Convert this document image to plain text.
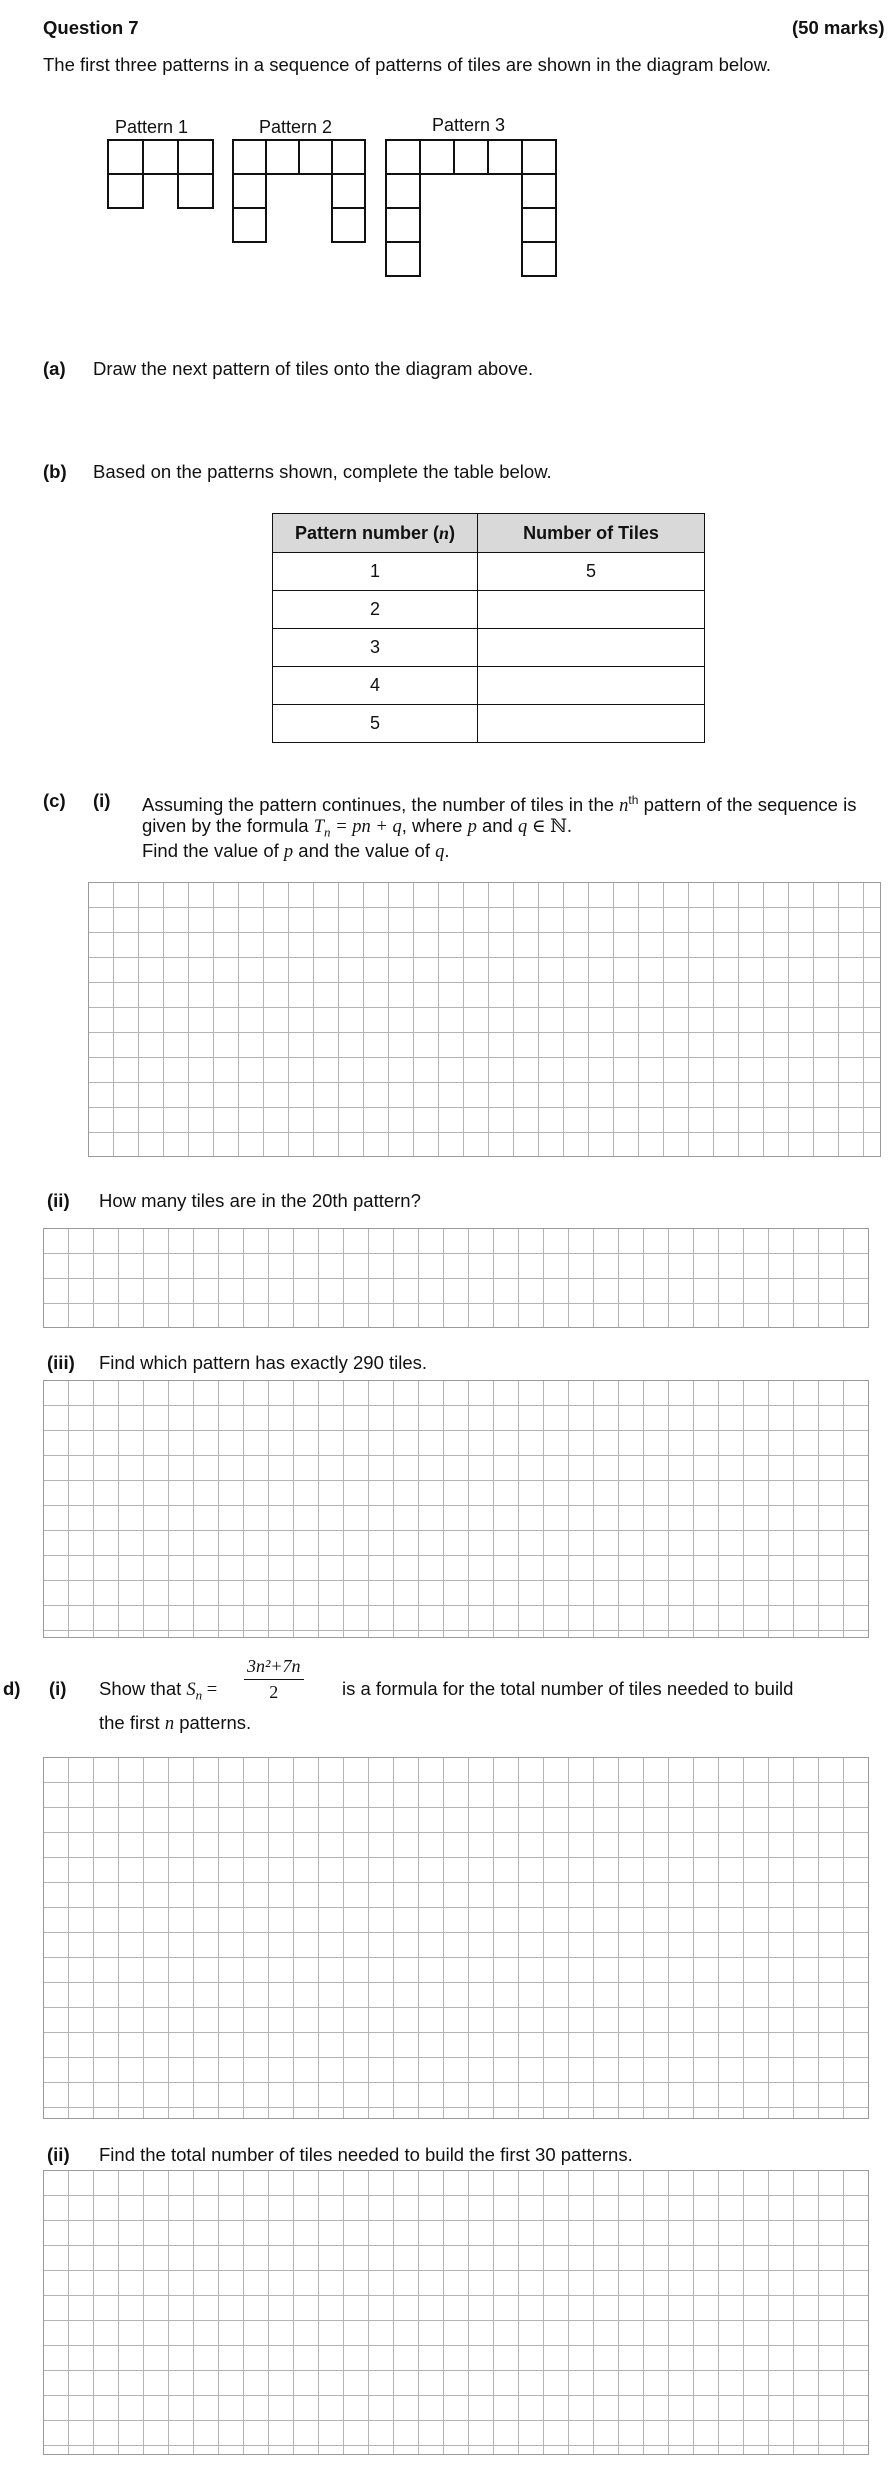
Question 7	(50 marks)
The first three patterns in a sequence of patterns of tiles are shown in the diagram below.
Pattern 1	Pattern 2	Pattern 3
(a) Draw the next pattern of tiles onto the diagram above.
(b) Based on the patterns shown, complete the table below.
Pattern number (n)	Number of Tiles
1	5
2	
3	
4	
5	
(c) (i) Assuming the pattern continues, the number of tiles in the $n^{th}$ pattern of the sequence is
given by the formula $T_n$ = pn + q, where p and q ∈ ℕ.
Find the value of p and the value of q.
(ii) How many tiles are in the 20th pattern?
(iii) Find which pattern has exactly 290 tiles.
d) (i) Show that $S_n = \frac{\text{3n²+7n}}{2}$ is a formula for the total number of tiles needed to build
the first n patterns.
(ii) Find the total number of tiles needed to build the first 30 patterns.
